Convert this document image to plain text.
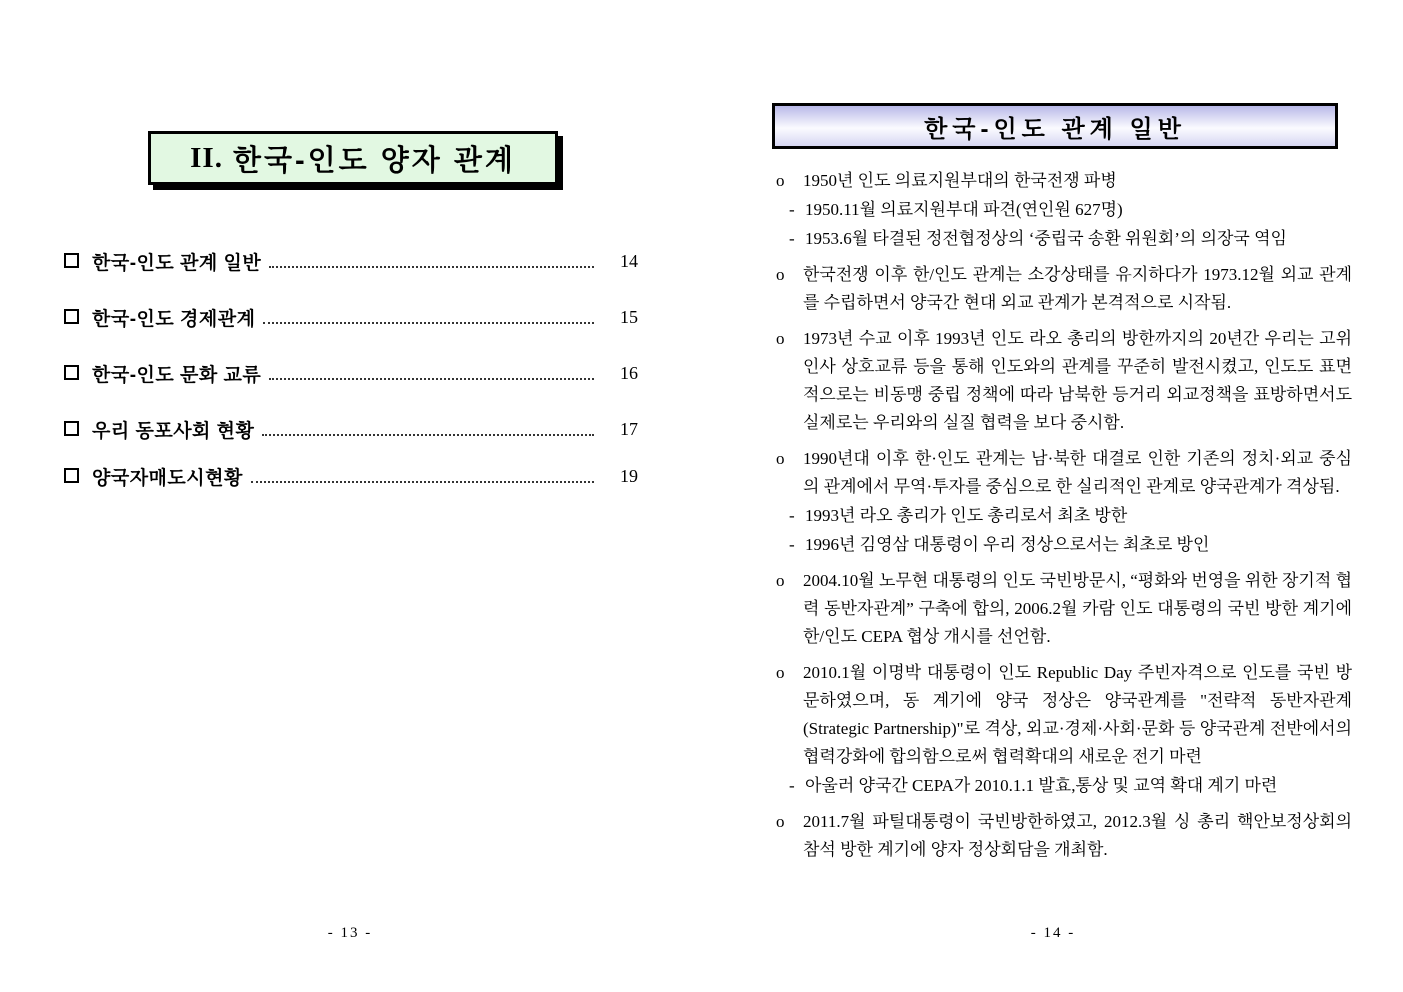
II. 한국-인도 양자 관계
한국-인도 관계 일반	14
한국-인도 경제관계	15
한국-인도 문화 교류	16
우리 동포사회 현황	17
양국자매도시현황	19
- 13 -
한국-인도 관계 일반
o	1950년 인도 의료지원부대의 한국전쟁 파병
- 1950.11월 의료지원부대 파견(연인원 627명)
- 1953.6월 타결된 정전협정상의 ‘중립국 송환 위원회’의 의장국 역임
o	한국전쟁 이후 한/인도 관계는 소강상태를 유지하다가 1973.12월 외교 관계를 수립하면서 양국간 현대 외교 관계가 본격적으로 시작됨.
o	1973년 수교 이후 1993년 인도 라오 총리의 방한까지의 20년간 우리는 고위인사 상호교류 등을 통해 인도와의 관계를 꾸준히 발전시켰고, 인도도 표면적으로는 비동맹 중립 정책에 따라 남북한 등거리 외교정책을 표방하면서도 실제로는 우리와의 실질 협력을 보다 중시함.
o	1990년대 이후 한·인도 관계는 남·북한 대결로 인한 기존의 정치·외교 중심의 관계에서 무역·투자를 중심으로 한 실리적인 관계로 양국관계가 격상됨.
- 1993년 라오 총리가 인도 총리로서 최초 방한
- 1996년 김영삼 대통령이 우리 정상으로서는 최초로 방인
o	2004.10월 노무현 대통령의 인도 국빈방문시, “평화와 번영을 위한 장기적 협력 동반자관계” 구축에 합의, 2006.2월 카람 인도 대통령의 국빈 방한 계기에 한/인도 CEPA 협상 개시를 선언함.
o	2010.1월 이명박 대통령이 인도 Republic Day 주빈자격으로 인도를 국빈 방문하였으며, 동 계기에 양국 정상은 양국관계를 "전략적 동반자관계 (Strategic Partnership)"로 격상, 외교·경제·사회·문화 등 양국관계 전반에서의 협력강화에 합의함으로써 협력확대의 새로운 전기 마련
- 아울러 양국간 CEPA가 2010.1.1 발효,통상 및 교역 확대 계기 마련
o	2011.7월 파틸대통령이 국빈방한하였고, 2012.3월 싱 총리 핵안보정상회의 참석 방한 계기에 양자 정상회담을 개최함.
- 14 -
